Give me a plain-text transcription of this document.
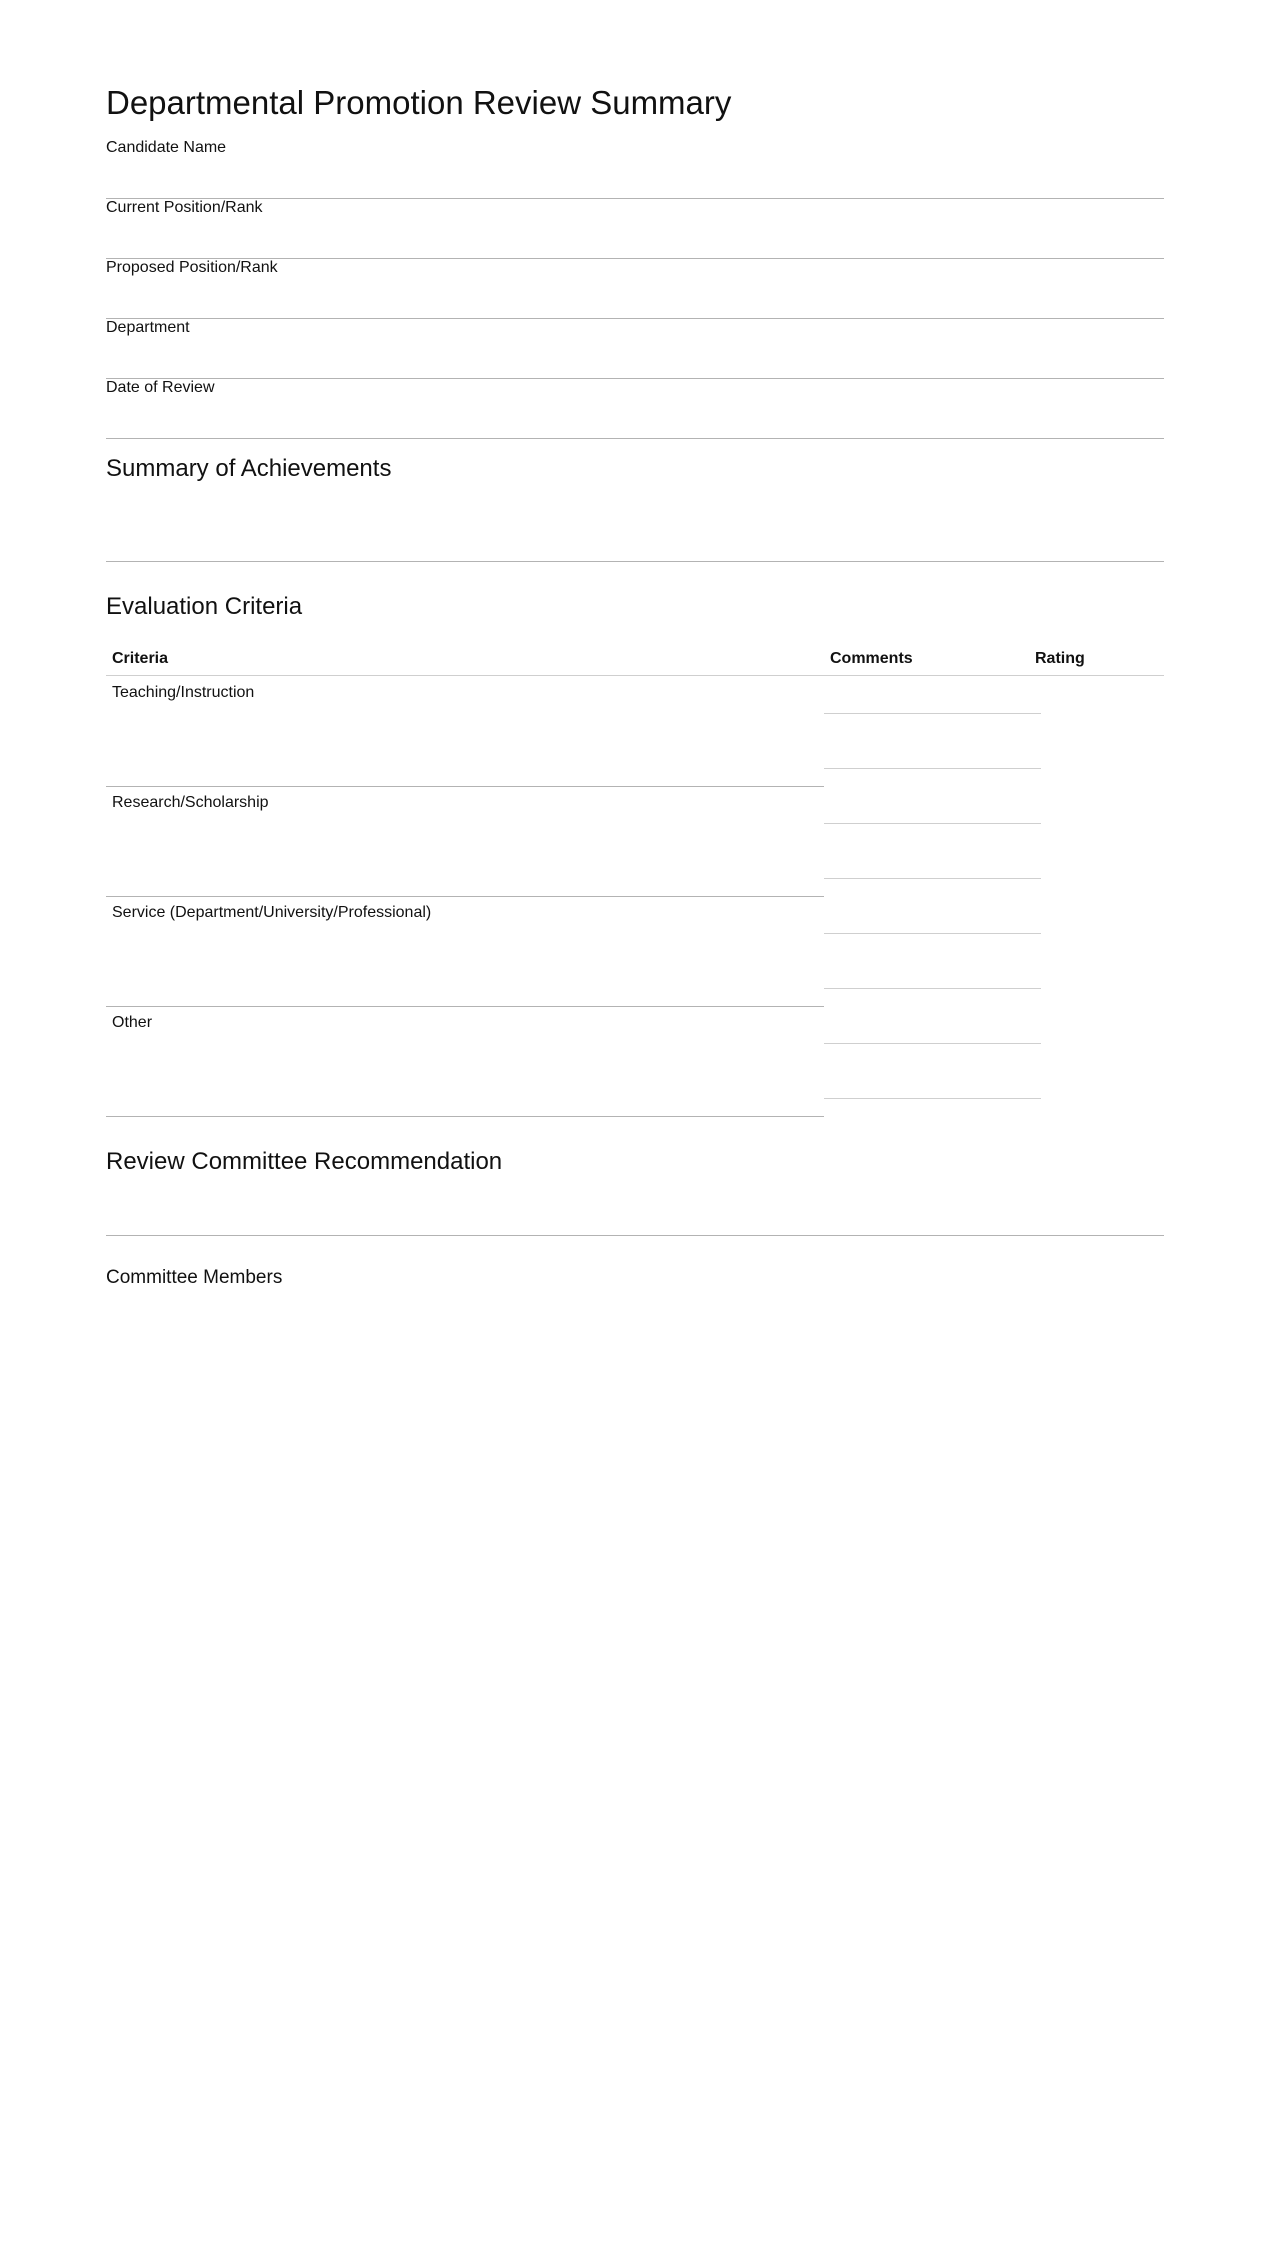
Departmental Promotion Review Summary
Candidate Name
Current Position/Rank
Proposed Position/Rank
Department
Date of Review
Summary of Achievements
Evaluation Criteria
Criteria	Comments	Rating
Teaching/Instruction
Research/Scholarship
Service (Department/University/Professional)
Other
Review Committee Recommendation
Committee Members
